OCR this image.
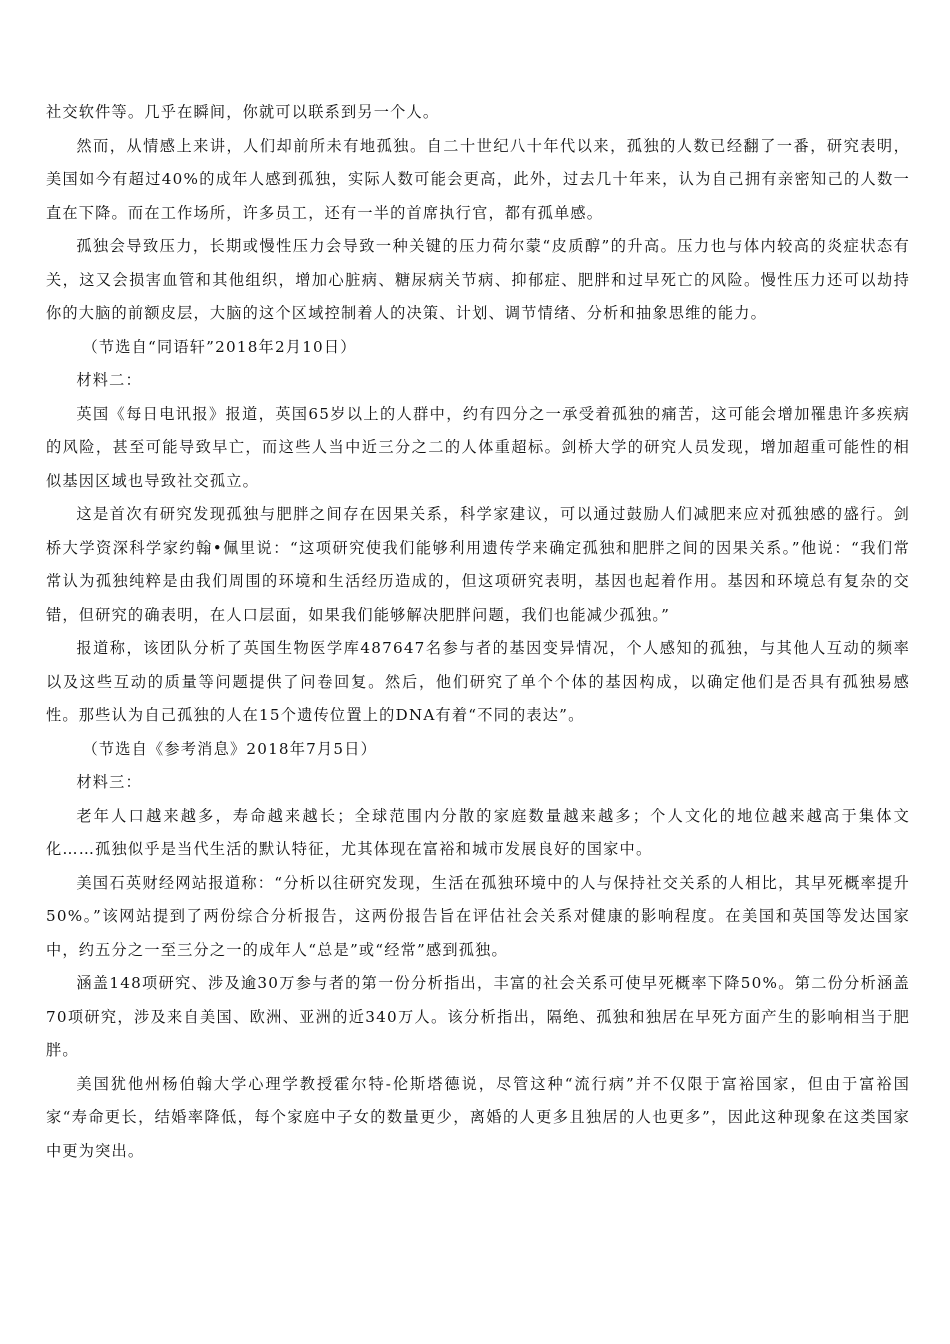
社交软件等。几乎在瞬间，你就可以联系到另一个人。

然而，从情感上来讲，人们却前所未有地孤独。自二十世纪八十年代以来，孤独的人数已经翻了一番，研究表明，美国如今有超过40%的成年人感到孤独，实际人数可能会更高，此外，过去几十年来，认为自己拥有亲密知己的人数一直在下降。而在工作场所，许多员工，还有一半的首席执行官，都有孤单感。

孤独会导致压力，长期或慢性压力会导致一种关键的压力荷尔蒙“皮质醇”的升高。压力也与体内较高的炎症状态有关，这又会损害血管和其他组织，增加心脏病、糖尿病关节病、抑郁症、肥胖和过早死亡的风险。慢性压力还可以劫持你的大脑的前额皮层，大脑的这个区域控制着人的决策、计划、调节情绪、分析和抽象思维的能力。

（节选自“同语轩”2018年2月10日）

材料二：

英国《每日电讯报》报道，英国65岁以上的人群中，约有四分之一承受着孤独的痛苦，这可能会增加罹患许多疾病的风险，甚至可能导致早亡，而这些人当中近三分之二的人体重超标。剑桥大学的研究人员发现，增加超重可能性的相似基因区域也导致社交孤立。

这是首次有研究发现孤独与肥胖之间存在因果关系，科学家建议，可以通过鼓励人们减肥来应对孤独感的盛行。剑桥大学资深科学家约翰•佩里说：“这项研究使我们能够利用遗传学来确定孤独和肥胖之间的因果关系。”他说：“我们常常认为孤独纯粹是由我们周围的环境和生活经历造成的，但这项研究表明，基因也起着作用。基因和环境总有复杂的交错，但研究的确表明，在人口层面，如果我们能够解决肥胖问题，我们也能减少孤独。”

报道称，该团队分析了英国生物医学库487647名参与者的基因变异情况，个人感知的孤独，与其他人互动的频率以及这些互动的质量等问题提供了问卷回复。然后，他们研究了单个个体的基因构成，以确定他们是否具有孤独易感性。那些认为自己孤独的人在15个遗传位置上的DNA有着“不同的表达”。

（节选自《参考消息》2018年7月5日）

材料三：

老年人口越来越多，寿命越来越长；全球范围内分散的家庭数量越来越多；个人文化的地位越来越高于集体文化……孤独似乎是当代生活的默认特征，尤其体现在富裕和城市发展良好的国家中。

美国石英财经网站报道称：“分析以往研究发现，生活在孤独环境中的人与保持社交关系的人相比，其早死概率提升50%。”该网站提到了两份综合分析报告，这两份报告旨在评估社会关系对健康的影响程度。在美国和英国等发达国家中，约五分之一至三分之一的成年人“总是”或“经常”感到孤独。

涵盖148项研究、涉及逾30万参与者的第一份分析指出，丰富的社会关系可使早死概率下降50%。第二份分析涵盖70项研究，涉及来自美国、欧洲、亚洲的近340万人。该分析指出，隔绝、孤独和独居在早死方面产生的影响相当于肥胖。

美国犹他州杨伯翰大学心理学教授霍尔特-伦斯塔德说，尽管这种“流行病”并不仅限于富裕国家，但由于富裕国家“寿命更长，结婚率降低，每个家庭中子女的数量更少，离婚的人更多且独居的人也更多”，因此这种现象在这类国家中更为突出。
